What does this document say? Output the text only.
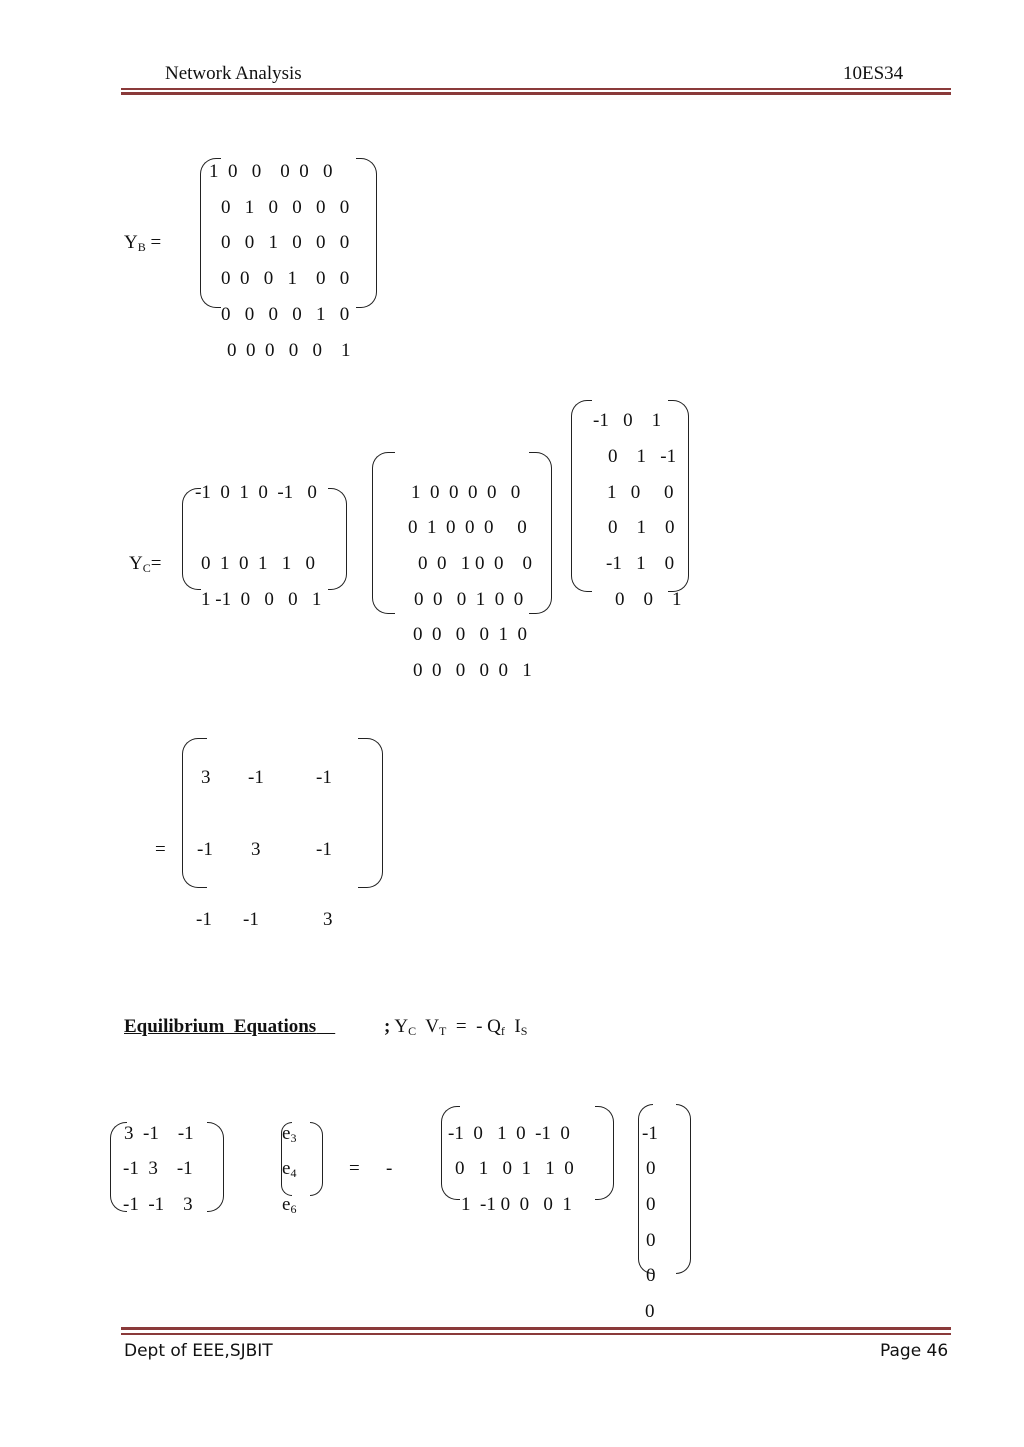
Network Analysis	10ES34
$Y_B$ =
1  0   0    0  0   0
0   1   0   0   0   0
0   0   1   0   0   0
0  0   0   1    0   0
0   0   0   0   1   0
0  0  0   0   0    1
$Y_C=$
-1  0  1  0  -1   0
0  1  0  1   1   0
1 -1  0   0   0   1
1  0  0  0  0   0
0  1  0  0  0     0
0  0   1 0  0    0
0  0   0  1  0  0
0  0   0   0  1  0
0  0   0   0  0   1
-1   0    1
0    1   -1
1   0     0
0    1    0
-1   1    0
0    0    1
=
3 -1	-1
-1 3	-1
-1 -1	3
Equilibrium  Equations	; $Y_C$ $V_T$ =  - $Q_f$ $I_S$
3  -1    -1
-1  3    -1
-1  -1    3
$e_3$
$e_4$
$e_6$
= -
-1  0   1  0  -1  0
0   1   0  1   1  0
1  -1 0  0   0  1
-1
0
0
0
0
0
Dept of EEE,SJBIT	Page 46
